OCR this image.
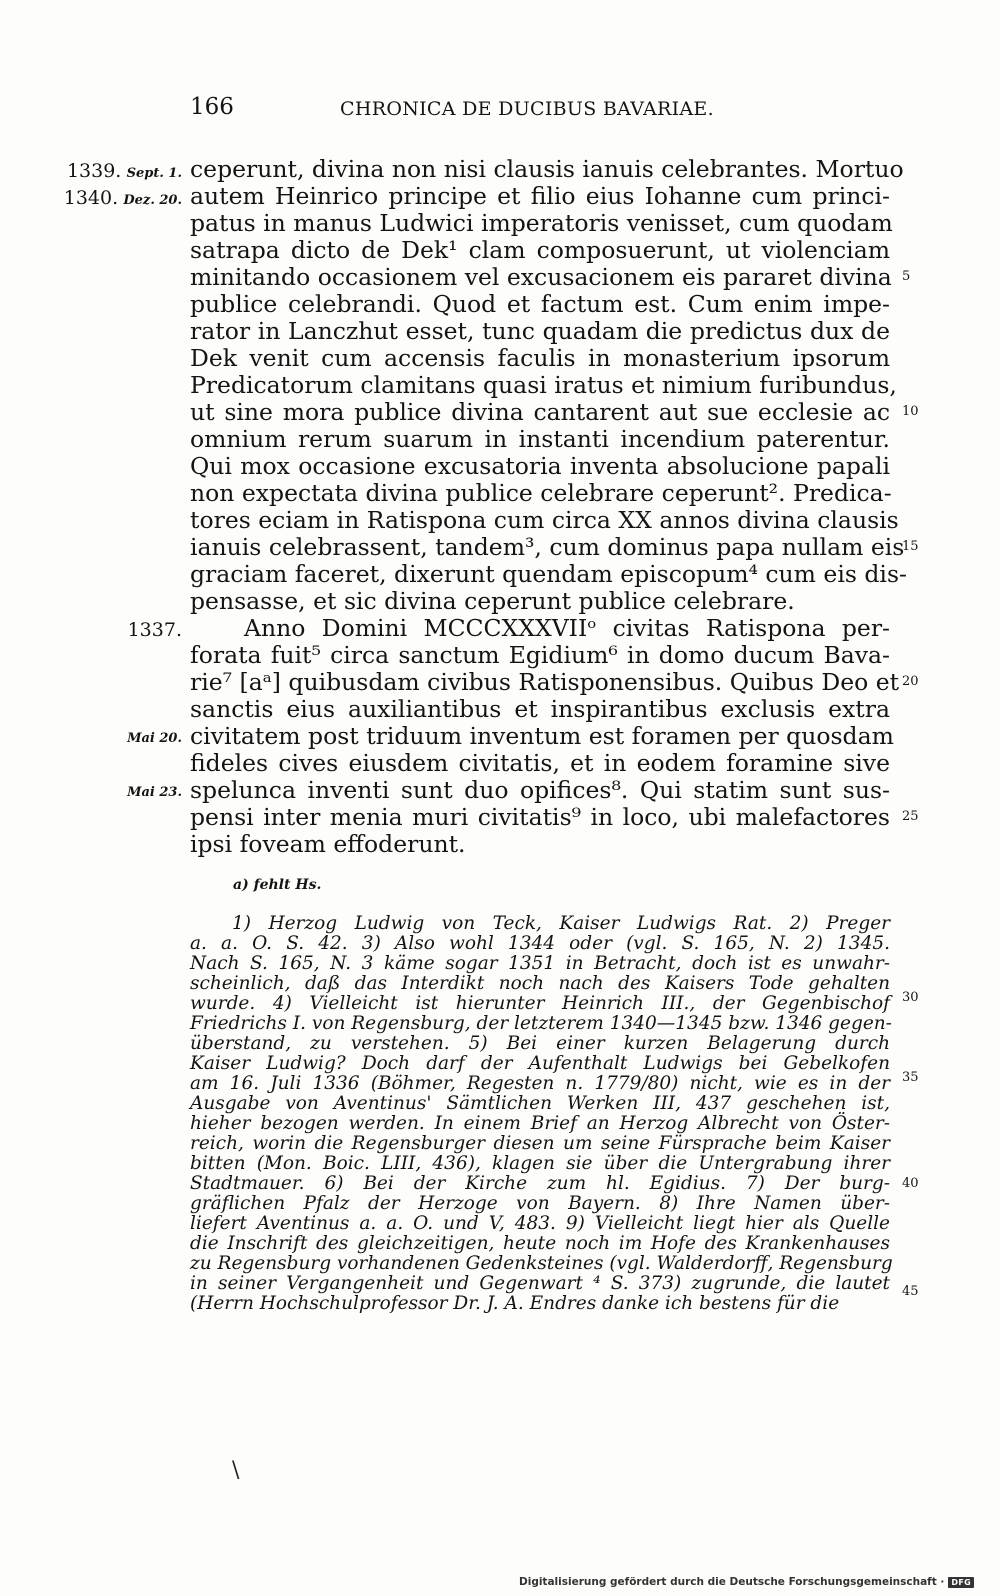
166	CHRONICA DE DUCIBUS BAVARIAE.
1339. Sept. 1.
1340. Dez. 20.
1337.
Mai 20.
Mai 23.
ceperunt, divina non nisi clausis ianuis celebrantes. Mortuo
autem Heinrico principe et filio eius Iohanne cum princi-
patus in manus Ludwici imperatoris venisset, cum quodam
satrapa dicto de Dek¹ clam composuerunt, ut violenciam
minitando occasionem vel excusacionem eis pararet divina
publice celebrandi. Quod et factum est. Cum enim impe-
rator in Lanczhut esset, tunc quadam die predictus dux de
Dek venit cum accensis faculis in monasterium ipsorum
Predicatorum clamitans quasi iratus et nimium furibundus,
ut sine mora publice divina cantarent aut sue ecclesie ac
omnium rerum suarum in instanti incendium paterentur.
Qui mox occasione excusatoria inventa absolucione papali
non expectata divina publice celebrare ceperunt². Predica-
tores eciam in Ratispona cum circa XX annos divina clausis
ianuis celebrassent, tandem³, cum dominus papa nullam eis
graciam faceret, dixerunt quendam episcopum⁴ cum eis dis-
pensasse, et sic divina ceperunt publice celebrare.
Anno Domini MCCCXXXVIIᵒ civitas Ratispona per-
forata fuit⁵ circa sanctum Egidium⁶ in domo ducum Bava-
rie⁷ [aᵃ] quibusdam civibus Ratisponensibus. Quibus Deo et
sanctis eius auxiliantibus et inspirantibus exclusis extra
civitatem post triduum inventum est foramen per quosdam
fideles cives eiusdem civitatis, et in eodem foramine sive
spelunca inventi sunt duo opifices⁸. Qui statim sunt sus-
pensi inter menia muri civitatis⁹ in loco, ubi malefactores
ipsi foveam effoderunt.
5
10
15
20
25
a) fehlt Hs.
1) Herzog Ludwig von Teck, Kaiser Ludwigs Rat. 2) Preger
a. a. O. S. 42. 3) Also wohl 1344 oder (vgl. S. 165, N. 2) 1345.
Nach S. 165, N. 3 käme sogar 1351 in Betracht, doch ist es unwahr-
scheinlich, daß das Interdikt noch nach des Kaisers Tode gehalten
wurde. 4) Vielleicht ist hierunter Heinrich III., der Gegenbischof
Friedrichs I. von Regensburg, der letzterem 1340—1345 bzw. 1346 gegen-
überstand, zu verstehen. 5) Bei einer kurzen Belagerung durch
Kaiser Ludwig? Doch darf der Aufenthalt Ludwigs bei Gebelkofen
am 16. Juli 1336 (Böhmer, Regesten n. 1779/80) nicht, wie es in der
Ausgabe von Aventinus' Sämtlichen Werken III, 437 geschehen ist,
hieher bezogen werden. In einem Brief an Herzog Albrecht von Öster-
reich, worin die Regensburger diesen um seine Fürsprache beim Kaiser
bitten (Mon. Boic. LIII, 436), klagen sie über die Untergrabung ihrer
Stadtmauer. 6) Bei der Kirche zum hl. Egidius. 7) Der burg-
gräflichen Pfalz der Herzoge von Bayern. 8) Ihre Namen über-
liefert Aventinus a. a. O. und V, 483. 9) Vielleicht liegt hier als Quelle
die Inschrift des gleichzeitigen, heute noch im Hofe des Krankenhauses
zu Regensburg vorhandenen Gedenksteines (vgl. Walderdorff, Regensburg
in seiner Vergangenheit und Gegenwart ⁴ S. 373) zugrunde, die lautet
(Herrn Hochschulprofessor Dr. J. A. Endres danke ich bestens für die
30
35
40
45
\
Digitalisierung gefördert durch die Deutsche Forschungsgemeinschaft · DFG
